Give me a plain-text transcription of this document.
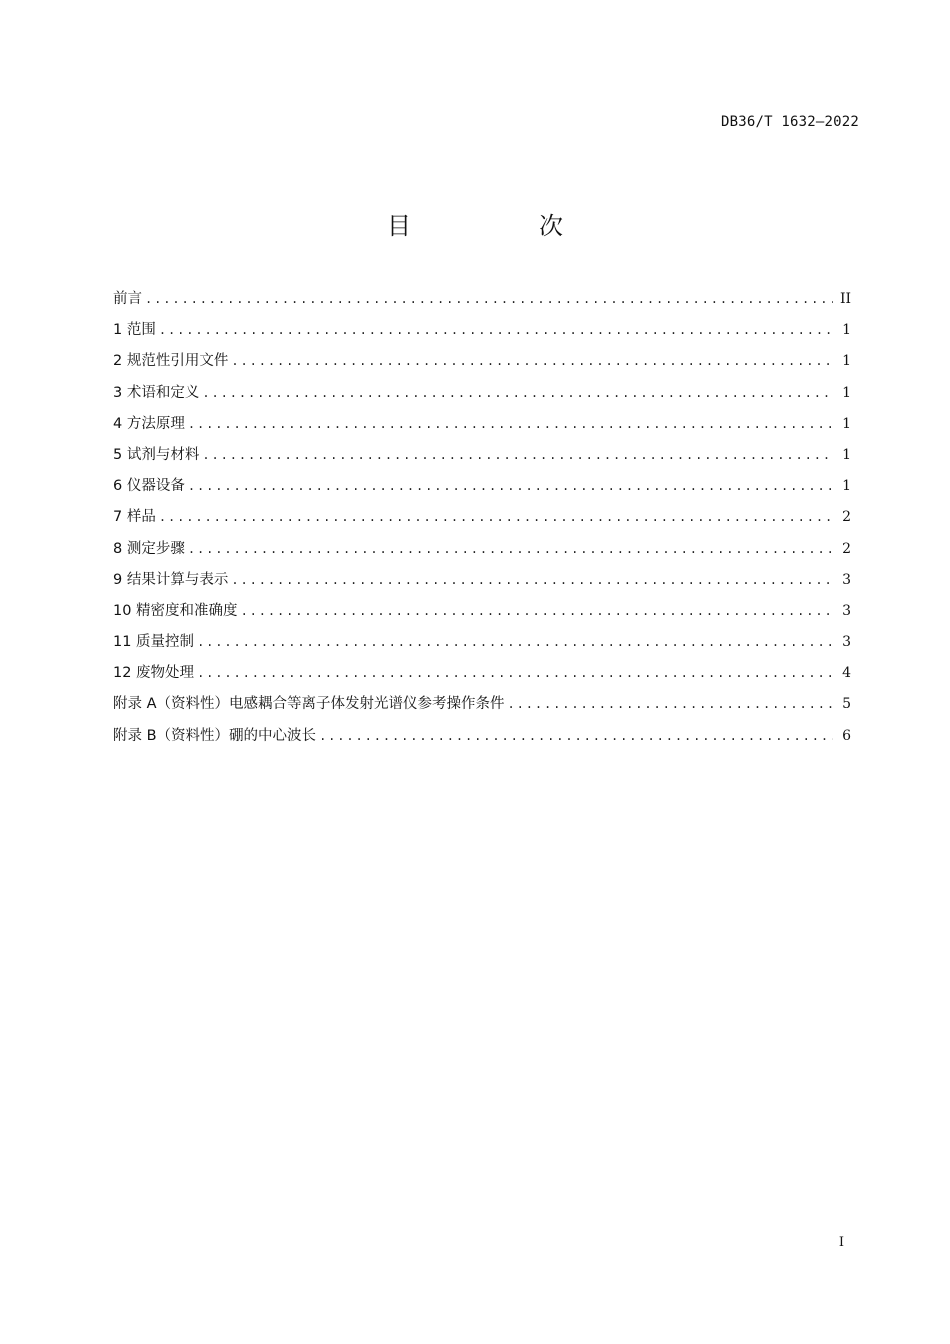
DB36/T 1632—2022
目　次
前言 .....	II
1 范围 .....	1
2 规范性引用文件 .....	1
3 术语和定义 .....	1
4 方法原理 .....	1
5 试剂与材料 .....	1
6 仪器设备 .....	1
7 样品 .....	2
8 测定步骤 .....	2
9 结果计算与表示 .....	3
10 精密度和准确度 .....	3
11 质量控制 .....	3
12 废物处理 .....	4
附录 A（资料性）电感耦合等离子体发射光谱仪参考操作条件 .....	5
附录 B（资料性）硼的中心波长 .....	6
I
